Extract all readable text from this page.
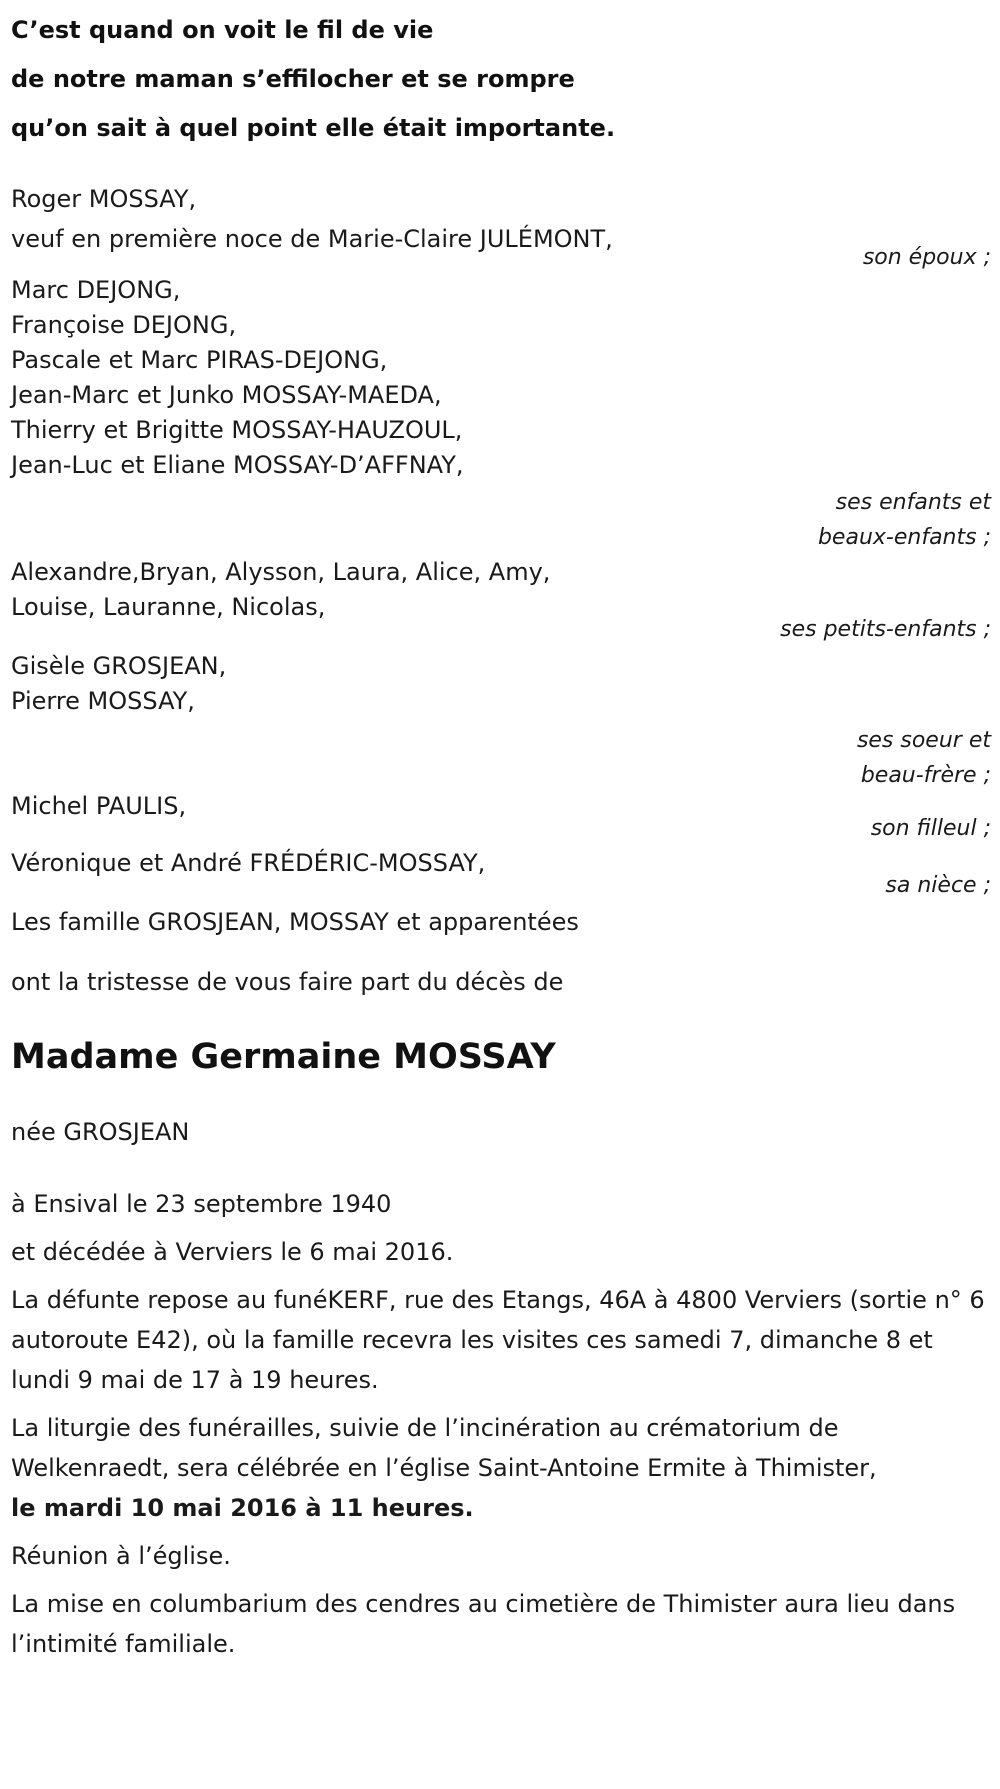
C’est quand on voit le fil de vie
de notre maman s’effilocher et se rompre
qu’on sait à quel point elle était importante.
Roger MOSSAY,
veuf en première noce de Marie-Claire JULÉMONT,
son époux ;
Marc DEJONG,
Françoise DEJONG,
Pascale et Marc PIRAS-DEJONG,
Jean-Marc et Junko MOSSAY-MAEDA,
Thierry et Brigitte MOSSAY-HAUZOUL,
Jean-Luc et Eliane MOSSAY-D’AFFNAY,
ses enfants et
beaux-enfants ;
Alexandre,Bryan, Alysson, Laura, Alice, Amy,
Louise, Lauranne, Nicolas,
ses petits-enfants ;
Gisèle GROSJEAN,
Pierre MOSSAY,
ses soeur et
beau-frère ;
Michel PAULIS,
son filleul ;
Véronique et André FRÉDÉRIC-MOSSAY,
sa nièce ;
Les famille GROSJEAN, MOSSAY et apparentées
ont la tristesse de vous faire part du décès de
Madame Germaine MOSSAY
née GROSJEAN
à Ensival le 23 septembre 1940
et décédée à Verviers le 6 mai 2016.
La défunte repose au funéKERF, rue des Etangs, 46A à 4800 Verviers (sortie n° 6 autoroute E42), où la famille recevra les visites ces samedi 7, dimanche 8 et lundi 9 mai de 17 à 19 heures.
La liturgie des funérailles, suivie de l’incinération au crématorium de Welkenraedt, sera célébrée en l’église Saint-Antoine Ermite à Thimister,
le mardi 10 mai 2016 à 11 heures.
Réunion à l’église.
La mise en columbarium des cendres au cimetière de Thimister aura lieu dans l’intimité familiale.
